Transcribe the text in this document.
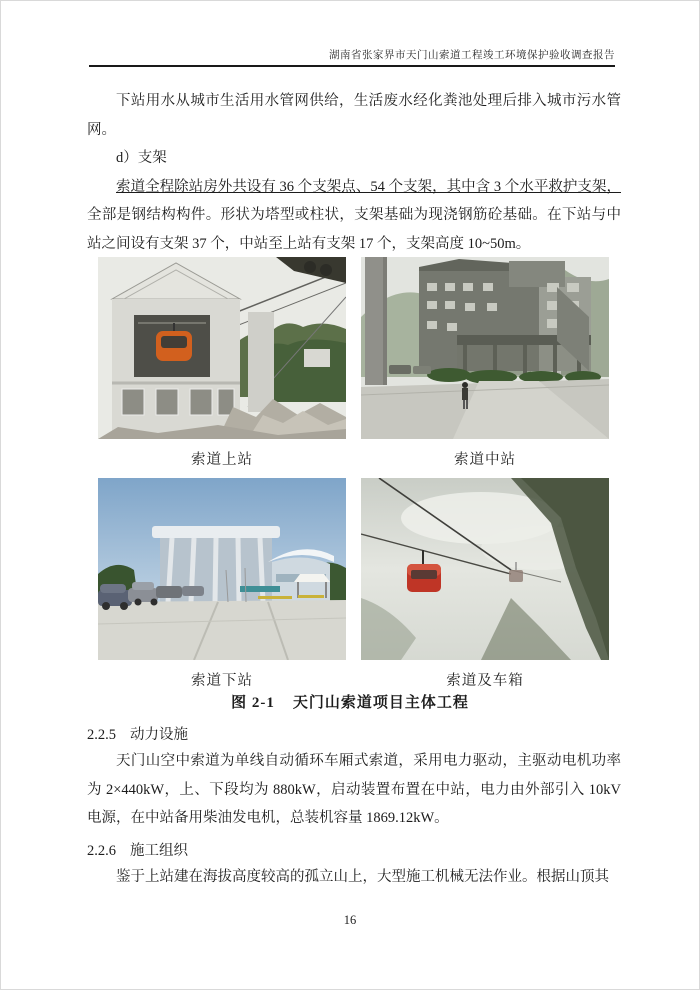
湖南省张家界市天门山索道工程竣工环境保护验收调查报告

下站用水从城市生活用水管网供给，生活废水经化粪池处理后排入城市污水管网。

d）支架

索道全程除站房外共设有 36 个支架点、54 个支架，其中含 3 个水平救护支架，
全部是钢结构构件。形状为塔型或柱状，支架基础为现浇钢筋砼基础。在下站与中站之间设有支架 37 个，中站至上站有支架 17 个，支架高度 10~50m。

索道上站	索道中站
索道下站	索道及车箱
图 2-1 天门山索道项目主体工程
2.2.5 动力设施

天门山空中索道为单线自动循环车厢式索道，采用电力驱动，主驱动电机功率为 2×440kW，上、下段均为 880kW，启动装置布置在中站，电力由外部引入 10kV 电源，在中站备用柴油发电机，总装机容量 1869.12kW。

2.2.6 施工组织

鉴于上站建在海拔高度较高的孤立山上，大型施工机械无法作业。根据山顶其

16
